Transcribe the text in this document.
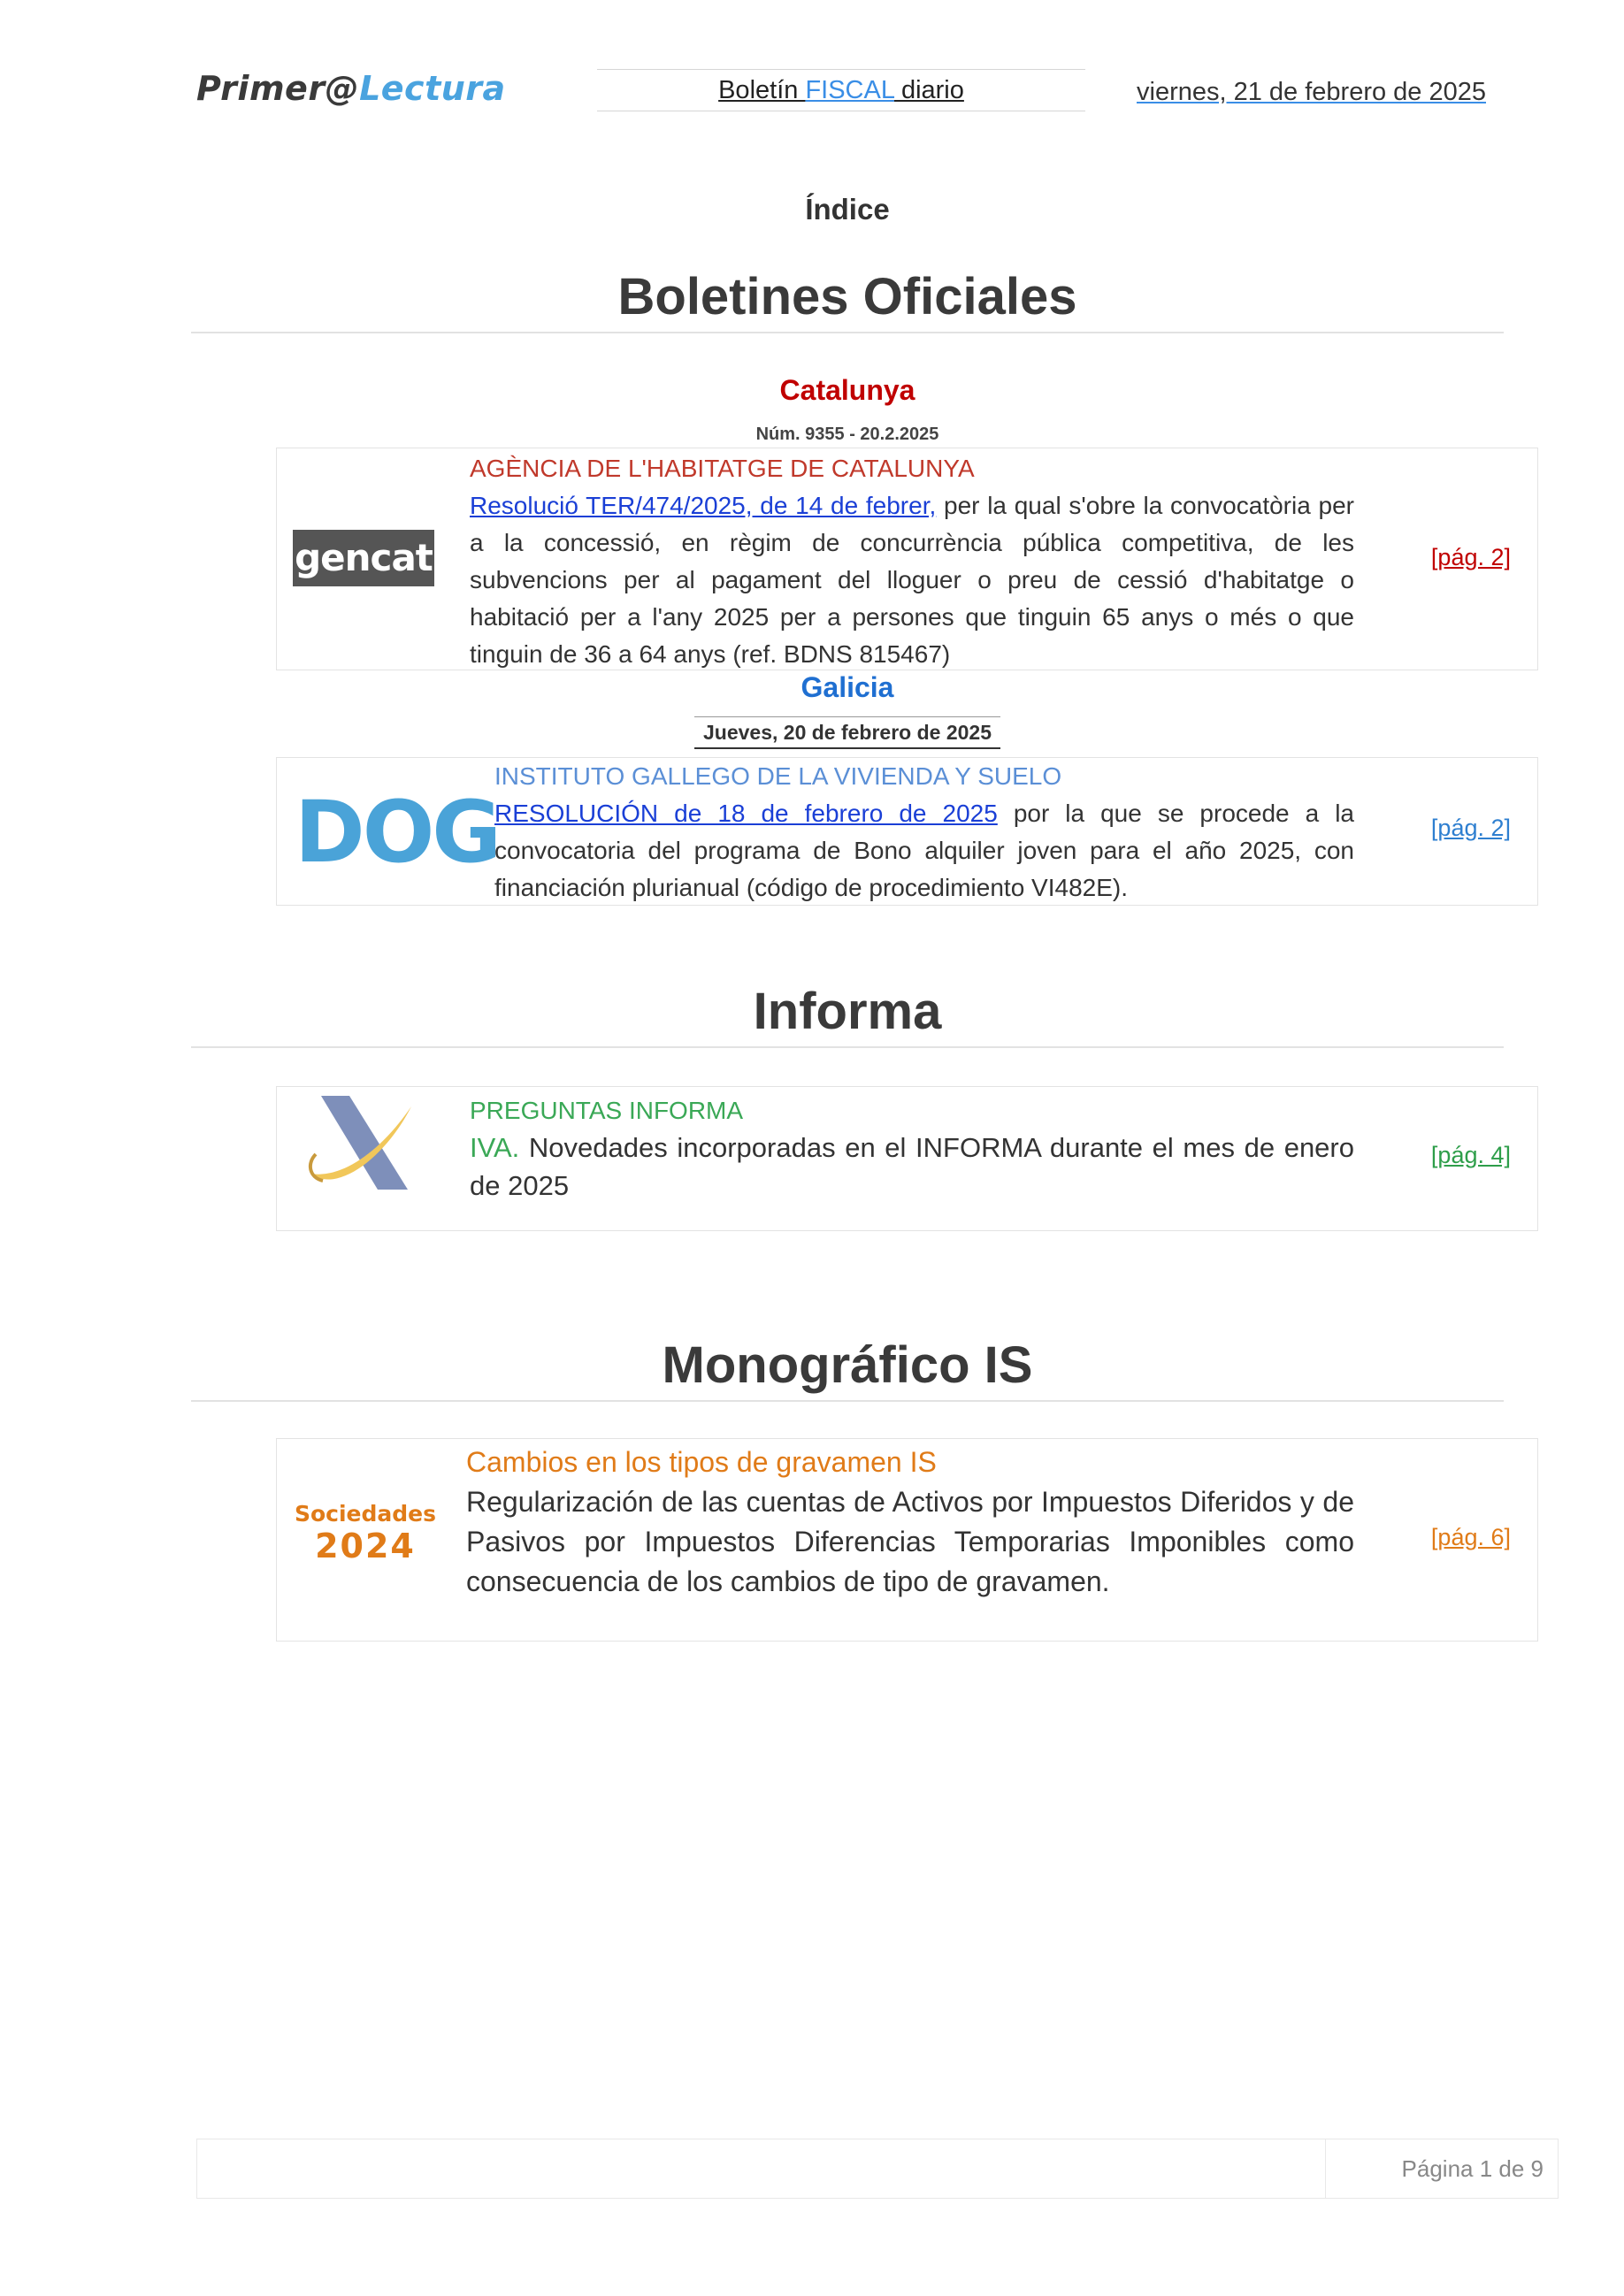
Primer@Lectura	Boletín FISCAL diario	viernes, 21 de febrero de 2025
Índice
Boletines Oficiales
Catalunya
Núm. 9355 - 20.2.2025
gencat
AGÈNCIA DE L'HABITATGE DE CATALUNYA
Resolució TER/474/2025, de 14 de febrer, per la qual s'obre la convocatòria per a la concessió, en règim de concurrència pública competitiva, de les subvencions per al pagament del lloguer o preu de cessió d'habitatge o habitació per a l'any 2025 per a persones que tinguin 65 anys o més o que tinguin de 36 a 64 anys (ref. BDNS 815467)
[pág. 2]
Galicia
Jueves, 20 de febrero de 2025
DOG
INSTITUTO GALLEGO DE LA VIVIENDA Y SUELO
RESOLUCIÓN de 18 de febrero de 2025 por la que se procede a la convocatoria del programa de Bono alquiler joven para el año 2025, con financiación plurianual (código de procedimiento VI482E).
[pág. 2]
Informa
PREGUNTAS INFORMA
IVA. Novedades incorporadas en el INFORMA durante el mes de enero de 2025
[pág. 4]
Monográfico IS
Sociedades
2024
Cambios en los tipos de gravamen IS
Regularización de las cuentas de Activos por Impuestos Diferidos y de Pasivos por Impuestos Diferencias Temporarias Imponibles como consecuencia de los cambios de tipo de gravamen.
[pág. 6]
Página 1 de 9
